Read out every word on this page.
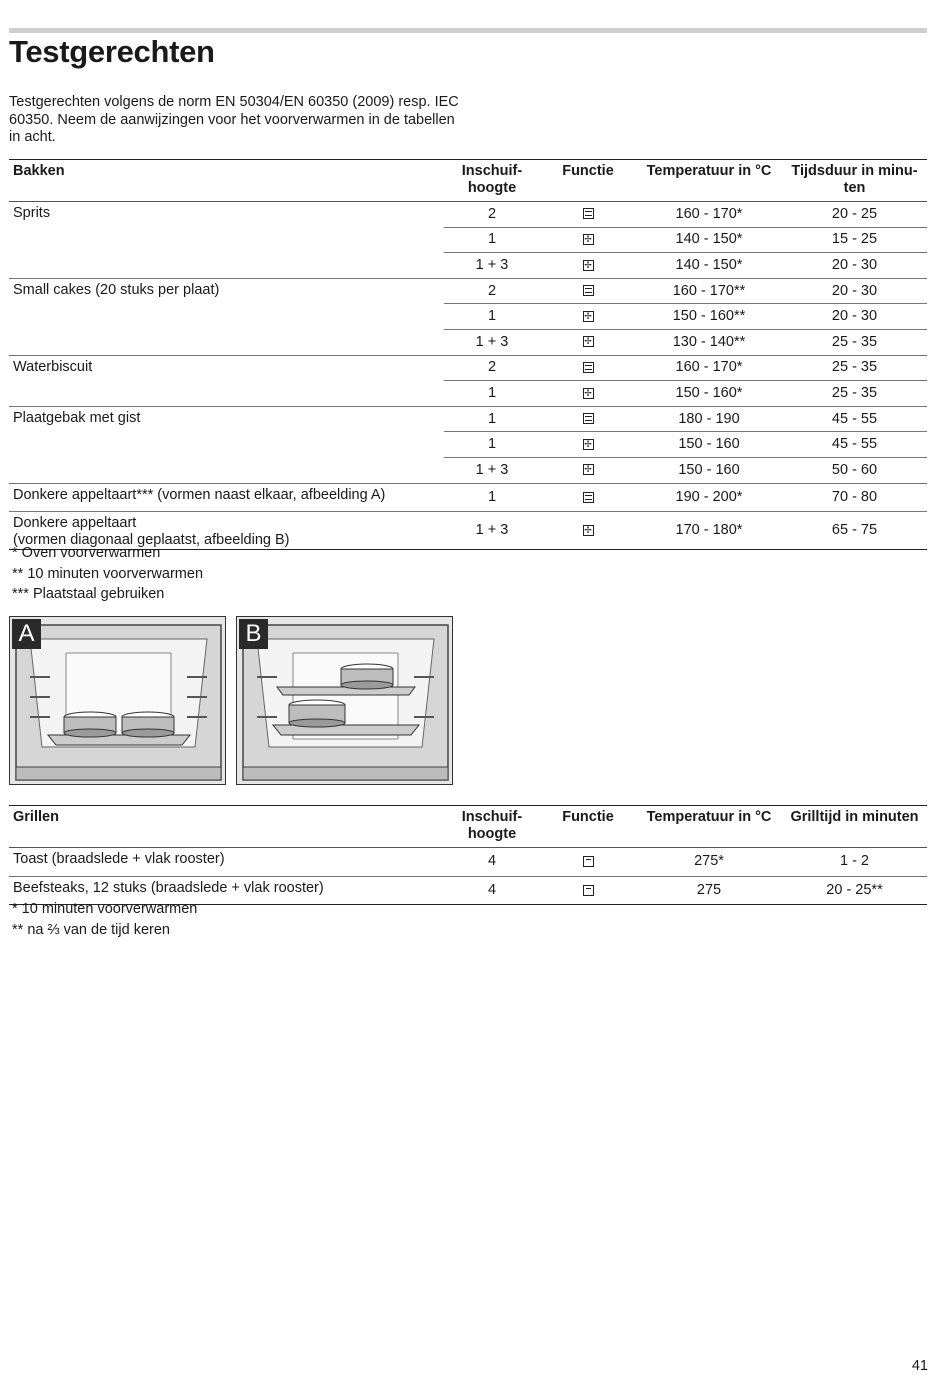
Testgerechten

Testgerechten volgens de norm EN 50304/EN 60350 (2009) resp. IEC 60350. Neem de aanwijzingen voor het voorverwarmen in de tabellen in acht.

Bakken	Inschuif-hoogte	Functie	Temperatuur in °C	Tijdsduur in minu-ten
Sprits	2		160 - 170*	20 - 25
	1	✢	140 - 150*	15 - 25
	1 + 3	✢	140 - 150*	20 - 30
Small cakes (20 stuks per plaat)	2		160 - 170**	20 - 30
	1	✢	150 - 160**	20 - 30
	1 + 3	✢	130 - 140**	25 - 35
Waterbiscuit	2		160 - 170*	25 - 35
	1	✢	150 - 160*	25 - 35
Plaatgebak met gist	1		180 - 190	45 - 55
	1	✢	150 - 160	45 - 55
	1 + 3	✢	150 - 160	50 - 60
Donkere appeltaart*** (vormen naast elkaar, afbeelding A)	1		190 - 200*	70 - 80
Donkere appeltaart
(vormen diagonaal geplaatst, afbeelding B)	1 + 3	✢	170 - 180*	65 - 75
* Oven voorverwarmen
** 10 minuten voorverwarmen
*** Plaatstaal gebruiken
A	B
Grillen	Inschuif-hoogte	Functie	Temperatuur in °C	Grilltijd in minuten
Toast (braadslede + vlak rooster)	4		275*	1 - 2
Beefsteaks, 12 stuks (braadslede + vlak rooster)	4		275	20 - 25**
* 10 minuten voorverwarmen
** na ⅔ van de tijd keren
41
